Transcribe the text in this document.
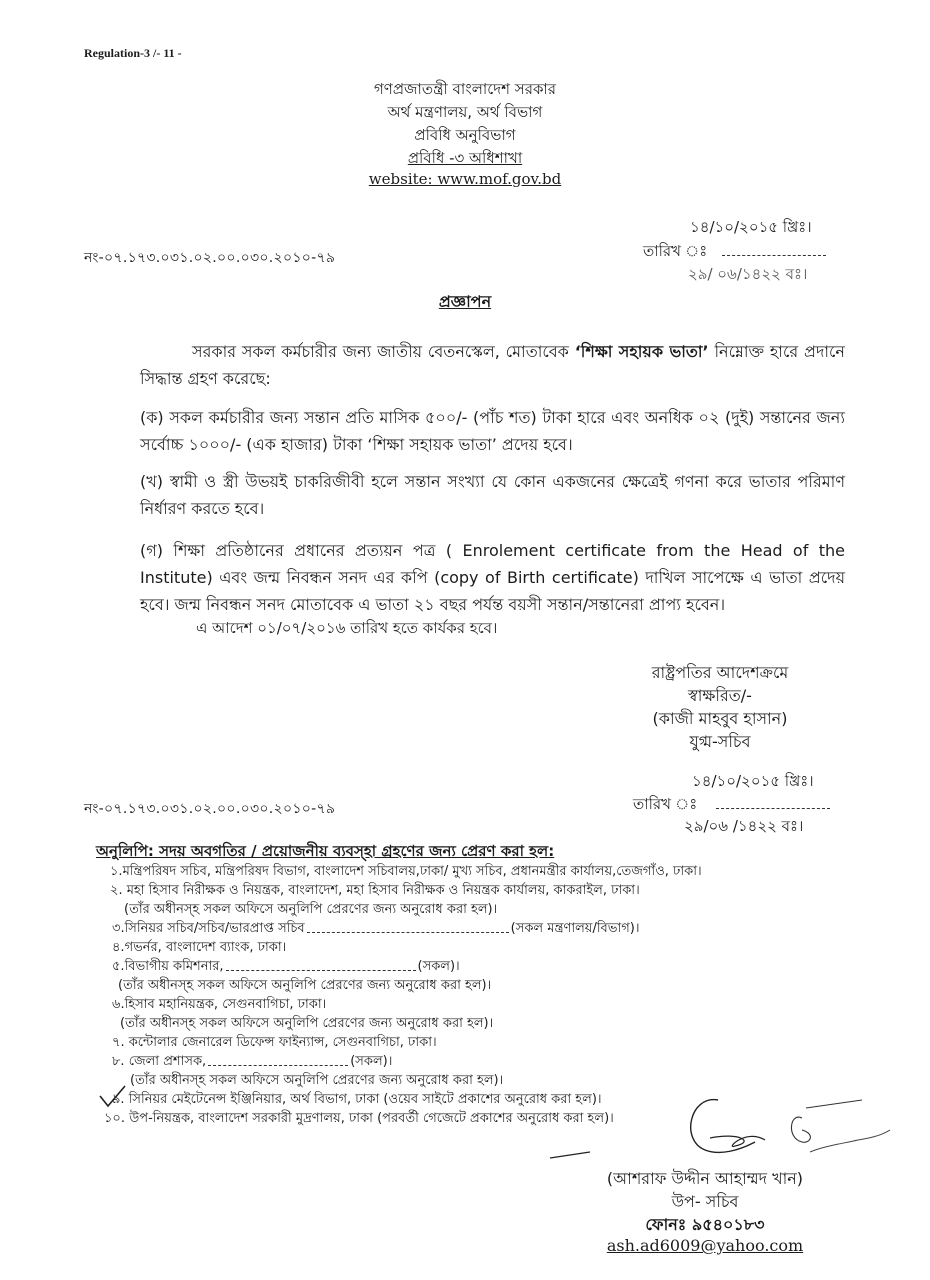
Regulation-3 /- 11 -
গণপ্রজাতন্ত্রী বাংলাদেশ সরকার
অর্থ মন্ত্রণালয়, অর্থ বিভাগ
প্রবিধি অনুবিভাগ
প্রবিধি -৩ অধিশাখা
website: www.mof.gov.bd
১৪/১০/২০১৫ খ্রিঃ।
তারিখ ঃ
২৯/ ০৬/১৪২২ বঃ।
নং-০৭.১৭৩.০৩১.০২.০০.০৩০.২০১০-৭৯
প্রজ্ঞাপন
সরকার সকল কর্মচারীর জন্য জাতীয় বেতনস্কেল, মোতাবেক ‘শিক্ষা সহায়ক ভাতা’ নিম্নোক্ত হারে প্রদানে সিদ্ধান্ত গ্রহণ করেছে:
(ক) সকল কর্মচারীর জন্য সন্তান প্রতি মাসিক ৫০০/- (পাঁচ শত) টাকা হারে এবং অনধিক ০২ (দুই) সন্তানের জন্য সর্বোচ্চ ১০০০/- (এক হাজার) টাকা ‘শিক্ষা সহায়ক ভাতা’ প্রদেয় হবে।
(খ) স্বামী ও স্ত্রী উভয়ই চাকরিজীবী হলে সন্তান সংখ্যা যে কোন একজনের ক্ষেত্রেই গণনা করে ভাতার পরিমাণ নির্ধারণ করতে হবে।
(গ) শিক্ষা প্রতিষ্ঠানের প্রধানের প্রত্যয়ন পত্র ( Enrolement certificate from the Head of the Institute) এবং জন্ম নিবন্ধন সনদ এর কপি (copy of Birth certificate) দাখিল সাপেক্ষে এ ভাতা প্রদেয় হবে। জন্ম নিবন্ধন সনদ মোতাবেক এ ভাতা ২১ বছর পর্যন্ত বয়সী সন্তান/সন্তানেরা প্রাপ্য হবেন।
এ আদেশ ০১/০৭/২০১৬ তারিখ হতে কার্যকর হবে।
রাষ্ট্রপতির আদেশক্রমে
স্বাক্ষরিত/-
(কাজী মাহবুব হাসান)
যুগ্ম-সচিব
১৪/১০/২০১৫ খ্রিঃ।
তারিখ ঃ
২৯/০৬ /১৪২২ বঃ।
নং-০৭.১৭৩.০৩১.০২.০০.০৩০.২০১০-৭৯
অনুলিপি: সদয় অবগতির / প্রয়োজনীয় ব্যবস্হা গ্রহণের জন্য প্রেরণ করা হল:
১.মন্ত্রিপরিষদ সচিব, মন্ত্রিপরিষদ বিভাগ, বাংলাদেশ সচিবালয়,ঢাকা/ মুখ্য সচিব, প্রধানমন্ত্রীর কার্যালয়,তেজগাঁও, ঢাকা।
২. মহা হিসাব নিরীক্ষক ও নিয়ন্ত্রক, বাংলাদেশ, মহা হিসাব নিরীক্ষক ও নিয়ন্ত্রক কার্যালয়, কাকরাইল, ঢাকা।
(তাঁর অধীনস্হ সকল অফিসে অনুলিপি প্রেরণের জন্য অনুরোধ করা হল)।
৩.সিনিয়র সচিব/সচিব/ভারপ্রাপ্ত সচিব	(সকল মন্ত্রণালয়/বিভাগ)।
৪.গভর্নর, বাংলাদেশ ব্যাংক, ঢাকা।
৫.বিভাগীয় কমিশনার,	(সকল)।
(তাঁর অধীনস্হ সকল অফিসে অনুলিপি প্রেরণের জন্য অনুরোধ করা হল)।
৬.হিসাব মহানিয়ন্ত্রক, সেগুনবাগিচা, ঢাকা।
(তাঁর অধীনস্হ সকল অফিসে অনুলিপি প্রেরণের জন্য অনুরোধ করা হল)।
৭. কন্টোলার জেনারেল ডিফেন্স ফাইন্যান্স, সেগুনবাগিচা, ঢাকা।
৮. জেলা প্রশাসক,	(সকল)।
(তাঁর অধীনস্হ সকল অফিসে অনুলিপি প্রেরণের জন্য অনুরোধ করা হল)।
৯. সিনিয়র মেইটেনেন্স ইঞ্জিনিয়ার, অর্থ বিভাগ, ঢাকা (ওয়েব সাইটে প্রকাশের অনুরোধ করা হল)।
১০. উপ-নিয়ন্ত্রক, বাংলাদেশ সরকারী মুদ্রণালয়, ঢাকা (পরবর্তী গেজেটে প্রকাশের অনুরোধ করা হল)।
(আশরাফ উদ্দীন আহাম্মদ খান)
উপ- সচিব
ফোনঃ ৯৫৪০১৮৩
ash.ad6009@yahoo.com
